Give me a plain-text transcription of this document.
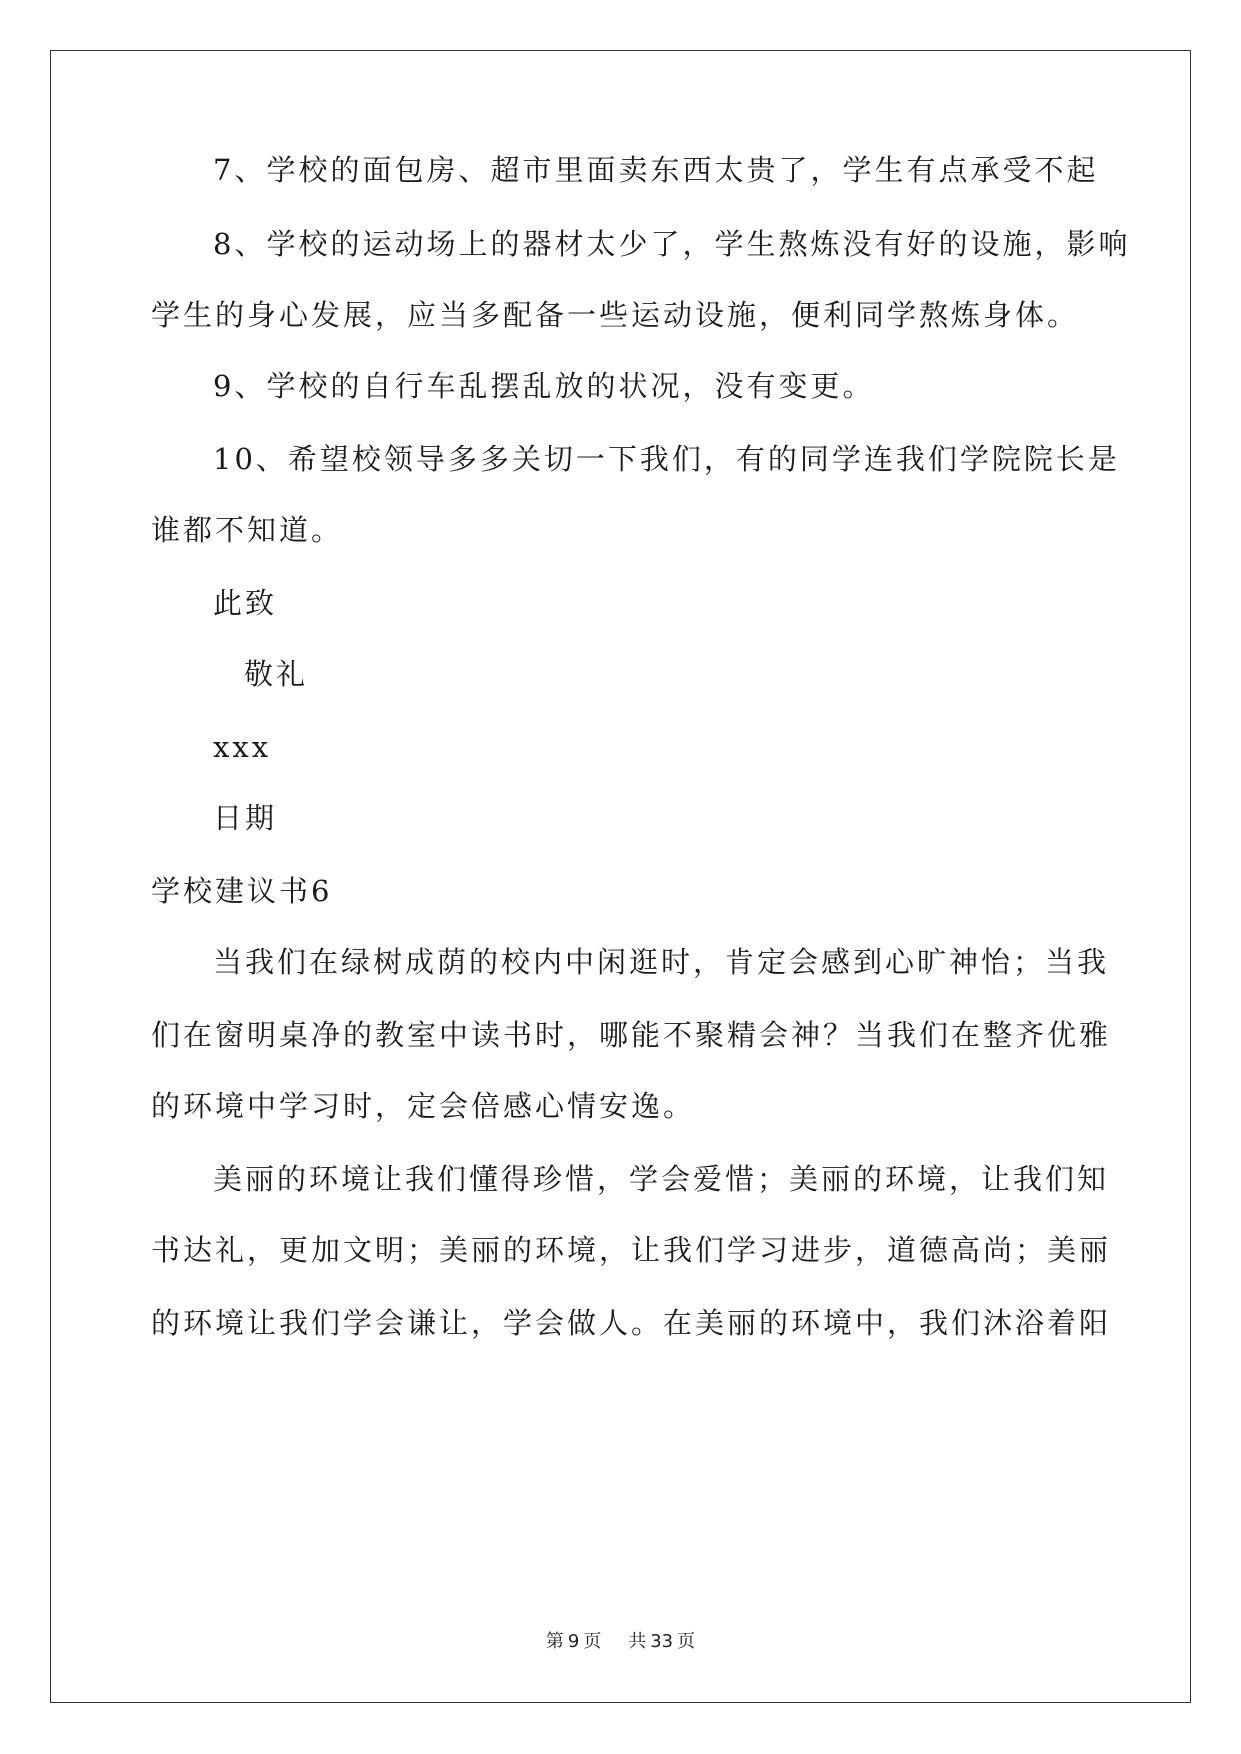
7、学校的面包房、超市里面卖东西太贵了，学生有点承受不起
8、学校的运动场上的器材太少了，学生熬炼没有好的设施，影响
学生的身心发展，应当多配备一些运动设施，便利同学熬炼身体。
9、学校的自行车乱摆乱放的状况，没有变更。
10、希望校领导多多关切一下我们，有的同学连我们学院院长是
谁都不知道。
此致
敬礼
xxx
日期
学校建议书6
当我们在绿树成荫的校内中闲逛时，肯定会感到心旷神怡；当我
们在窗明桌净的教室中读书时，哪能不聚精会神？当我们在整齐优雅
的环境中学习时，定会倍感心情安逸。
美丽的环境让我们懂得珍惜，学会爱惜；美丽的环境，让我们知
书达礼，更加文明；美丽的环境，让我们学习进步，道德高尚；美丽
的环境让我们学会谦让，学会做人。在美丽的环境中，我们沐浴着阳
第 9 页 共 33 页
